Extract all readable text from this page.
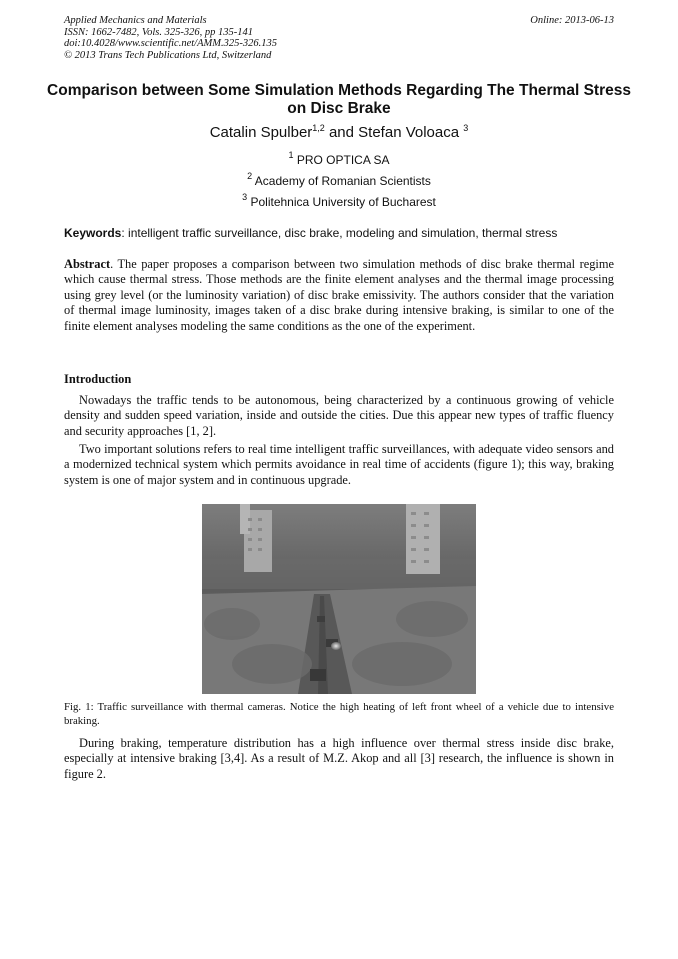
Applied Mechanics and Materials
ISSN: 1662-7482, Vols. 325-326, pp 135-141
doi:10.4028/www.scientific.net/AMM.325-326.135
© 2013 Trans Tech Publications Ltd, Switzerland
Online: 2013-06-13
Comparison between Some Simulation Methods Regarding The Thermal Stress on Disc Brake
Catalin Spulber$^{1,2}$ and Stefan Voloaca $^3$
$^1$ PRO OPTICA SA
$^2$ Academy of Romanian Scientists
$^3$ Politehnica University of Bucharest
Keywords: intelligent traffic surveillance, disc brake, modeling and simulation, thermal stress
Abstract. The paper proposes a comparison between two simulation methods of disc brake thermal regime which cause thermal stress. Those methods are the finite element analyses and the thermal image processing using grey level (or the luminosity variation) of disc brake emissivity. The authors consider that the variation of thermal image luminosity, images taken of a disc brake during intensive braking, is similar to one of the finite element analyses modeling the same conditions as the one of the experiment.
Introduction
Nowadays the traffic tends to be autonomous, being characterized by a continuous growing of vehicle density and sudden speed variation, inside and outside the cities. Due this appear new types of traffic fluency and security approaches [1, 2].
Two important solutions refers to real time intelligent traffic surveillances, with adequate video sensors and a modernized technical system which permits avoidance in real time of accidents (figure 1); this way, braking system is one of major system and in continuous upgrade.
Fig. 1: Traffic surveillance with thermal cameras. Notice the high heating of left front wheel of a vehicle due to intensive braking.
During braking, temperature distribution has a high influence over thermal stress inside disc brake, especially at intensive braking [3,4]. As a result of M.Z. Akop and all [3] research, the influence is shown in figure 2.
